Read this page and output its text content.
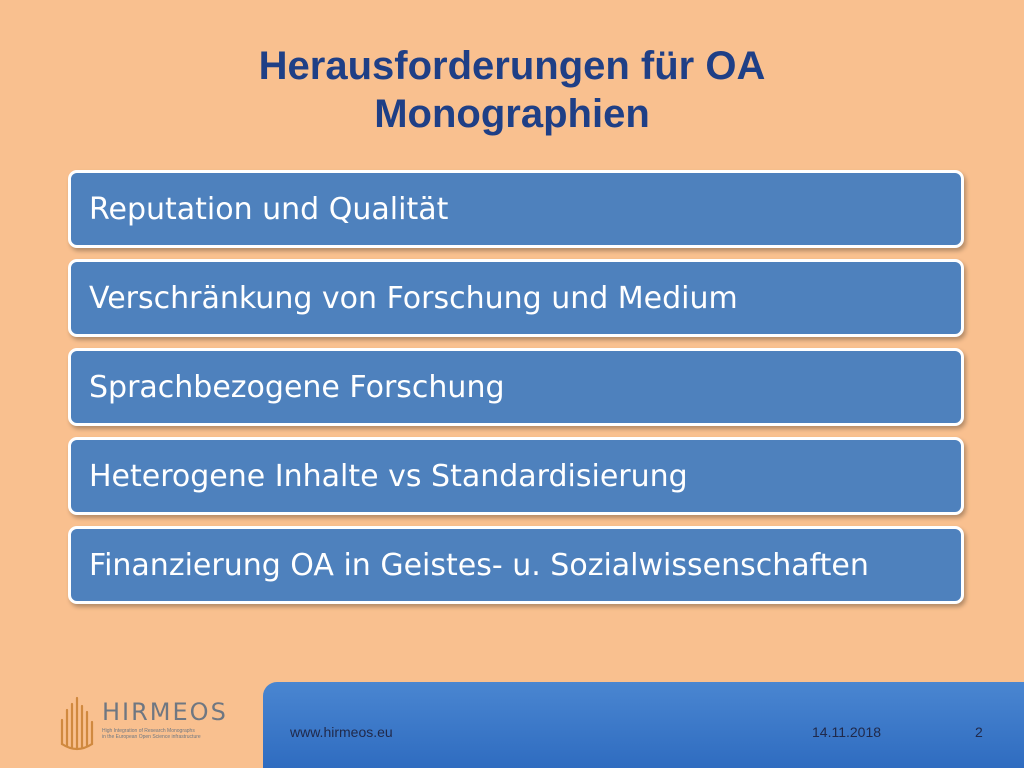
Herausforderungen für OA
Monographien
Reputation und Qualität
Verschränkung von Forschung und Medium
Sprachbezogene Forschung
Heterogene Inhalte vs Standardisierung
Finanzierung OA in Geistes- u. Sozialwissenschaften
HIRMEOS
High Integration of Research Monographs
in the European Open Science infrastructure	www.hirmeos.eu	14.11.2018	2
